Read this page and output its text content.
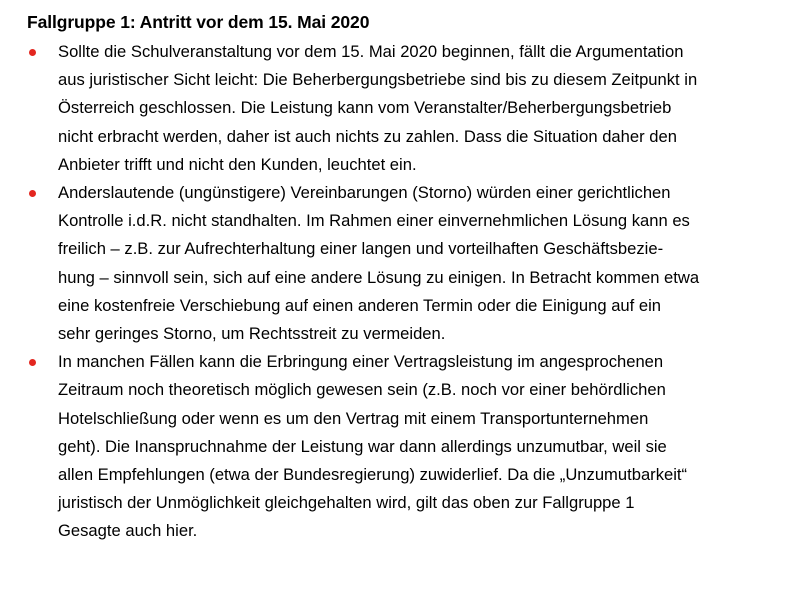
Fallgruppe 1: Antritt vor dem 15. Mai 2020
Sollte die Schulveranstaltung vor dem 15. Mai 2020 beginnen, fällt die Argumentation
aus juristischer Sicht leicht: Die Beherbergungsbetriebe sind bis zu diesem Zeitpunkt in
Österreich geschlossen. Die Leistung kann vom Veranstalter/Beherbergungsbetrieb
nicht erbracht werden, daher ist auch nichts zu zahlen. Dass die Situation daher den
Anbieter trifft und nicht den Kunden, leuchtet ein.
Anderslautende (ungünstigere) Vereinbarungen (Storno) würden einer gerichtlichen
Kontrolle i.d.R. nicht standhalten. Im Rahmen einer einvernehmlichen Lösung kann es
freilich – z.B. zur Aufrechterhaltung einer langen und vorteilhaften Geschäftsbezie-
hung – sinnvoll sein, sich auf eine andere Lösung zu einigen. In Betracht kommen etwa
eine kostenfreie Verschiebung auf einen anderen Termin oder die Einigung auf ein
sehr geringes Storno, um Rechtsstreit zu vermeiden.
In manchen Fällen kann die Erbringung einer Vertragsleistung im angesprochenen
Zeitraum noch theoretisch möglich gewesen sein (z.B. noch vor einer behördlichen
Hotelschließung oder wenn es um den Vertrag mit einem Transportunternehmen
geht). Die Inanspruchnahme der Leistung war dann allerdings unzumutbar, weil sie
allen Empfehlungen (etwa der Bundesregierung) zuwiderlief. Da die „Unzumutbarkeit“
juristisch der Unmöglichkeit gleichgehalten wird, gilt das oben zur Fallgruppe 1
Gesagte auch hier.
